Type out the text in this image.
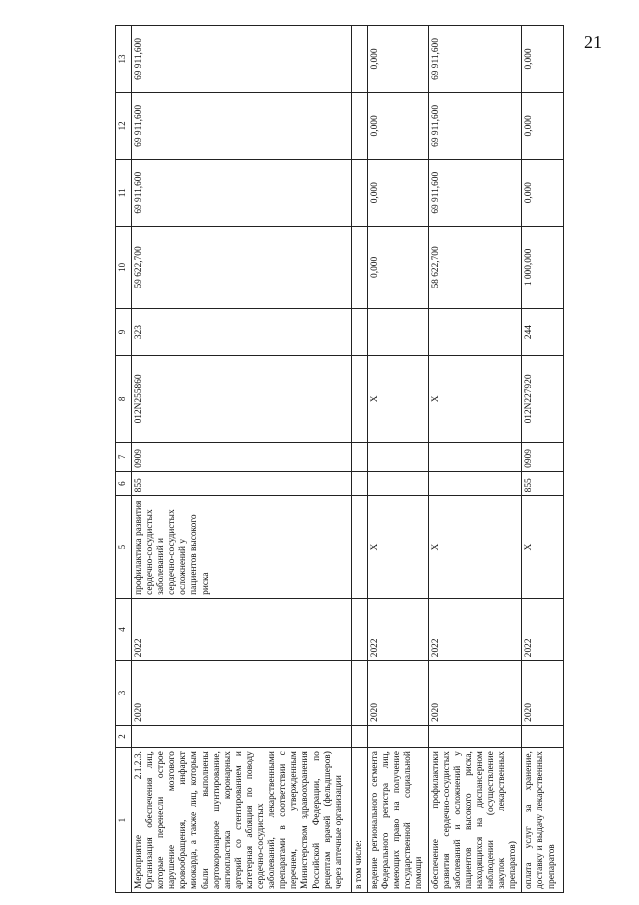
21
1	2	3	4	5	6	7	8	9	10	11	12	13
Мероприятие 2.1.2.3. Организация обеспечения лиц, которые перенесли острое нарушение мозгового кровообращения, инфаркт миокарда, а также лиц, которым были выполнены аортокоронарное шунтирование, ангиопластика коронарных артерий со стентированием и катетерная абляция по поводу сердечно-сосудистых заболеваний, лекарственными препаратами в соответствии с перечнем, утвержденным Министерством здравоохранения Российской Федерации, по рецептам врачей (фельдшеров) через аптечные организации		2020	2022	профилактика развития сердечно-сосудистых заболеваний и сердечно-сосудистых осложнений у пациентов высокого риска	855	0909	012N255860	323	59 622,700	69 911,600	69 911,600	69 911,600
в том числе:												
ведение регионального сегмента Федерального регистра лиц, имеющих право на получение государственной социальной помощи		2020	2022	X			X		0,000	0,000	0,000	0,000
обеспечение профилактики развития сердечно-сосудистых заболеваний и осложнений у пациентов высокого риска, находящихся на диспансерном наблюдении (осуществление закупок лекарственных препаратов)		2020	2022	X			X		58 622,700	69 911,600	69 911,600	69 911,600
оплата услуг за хранение, доставку и выдачу лекарственных препаратов		2020	2022	X	855	0909	012N227920	244	1 000,000	0,000	0,000	0,000
